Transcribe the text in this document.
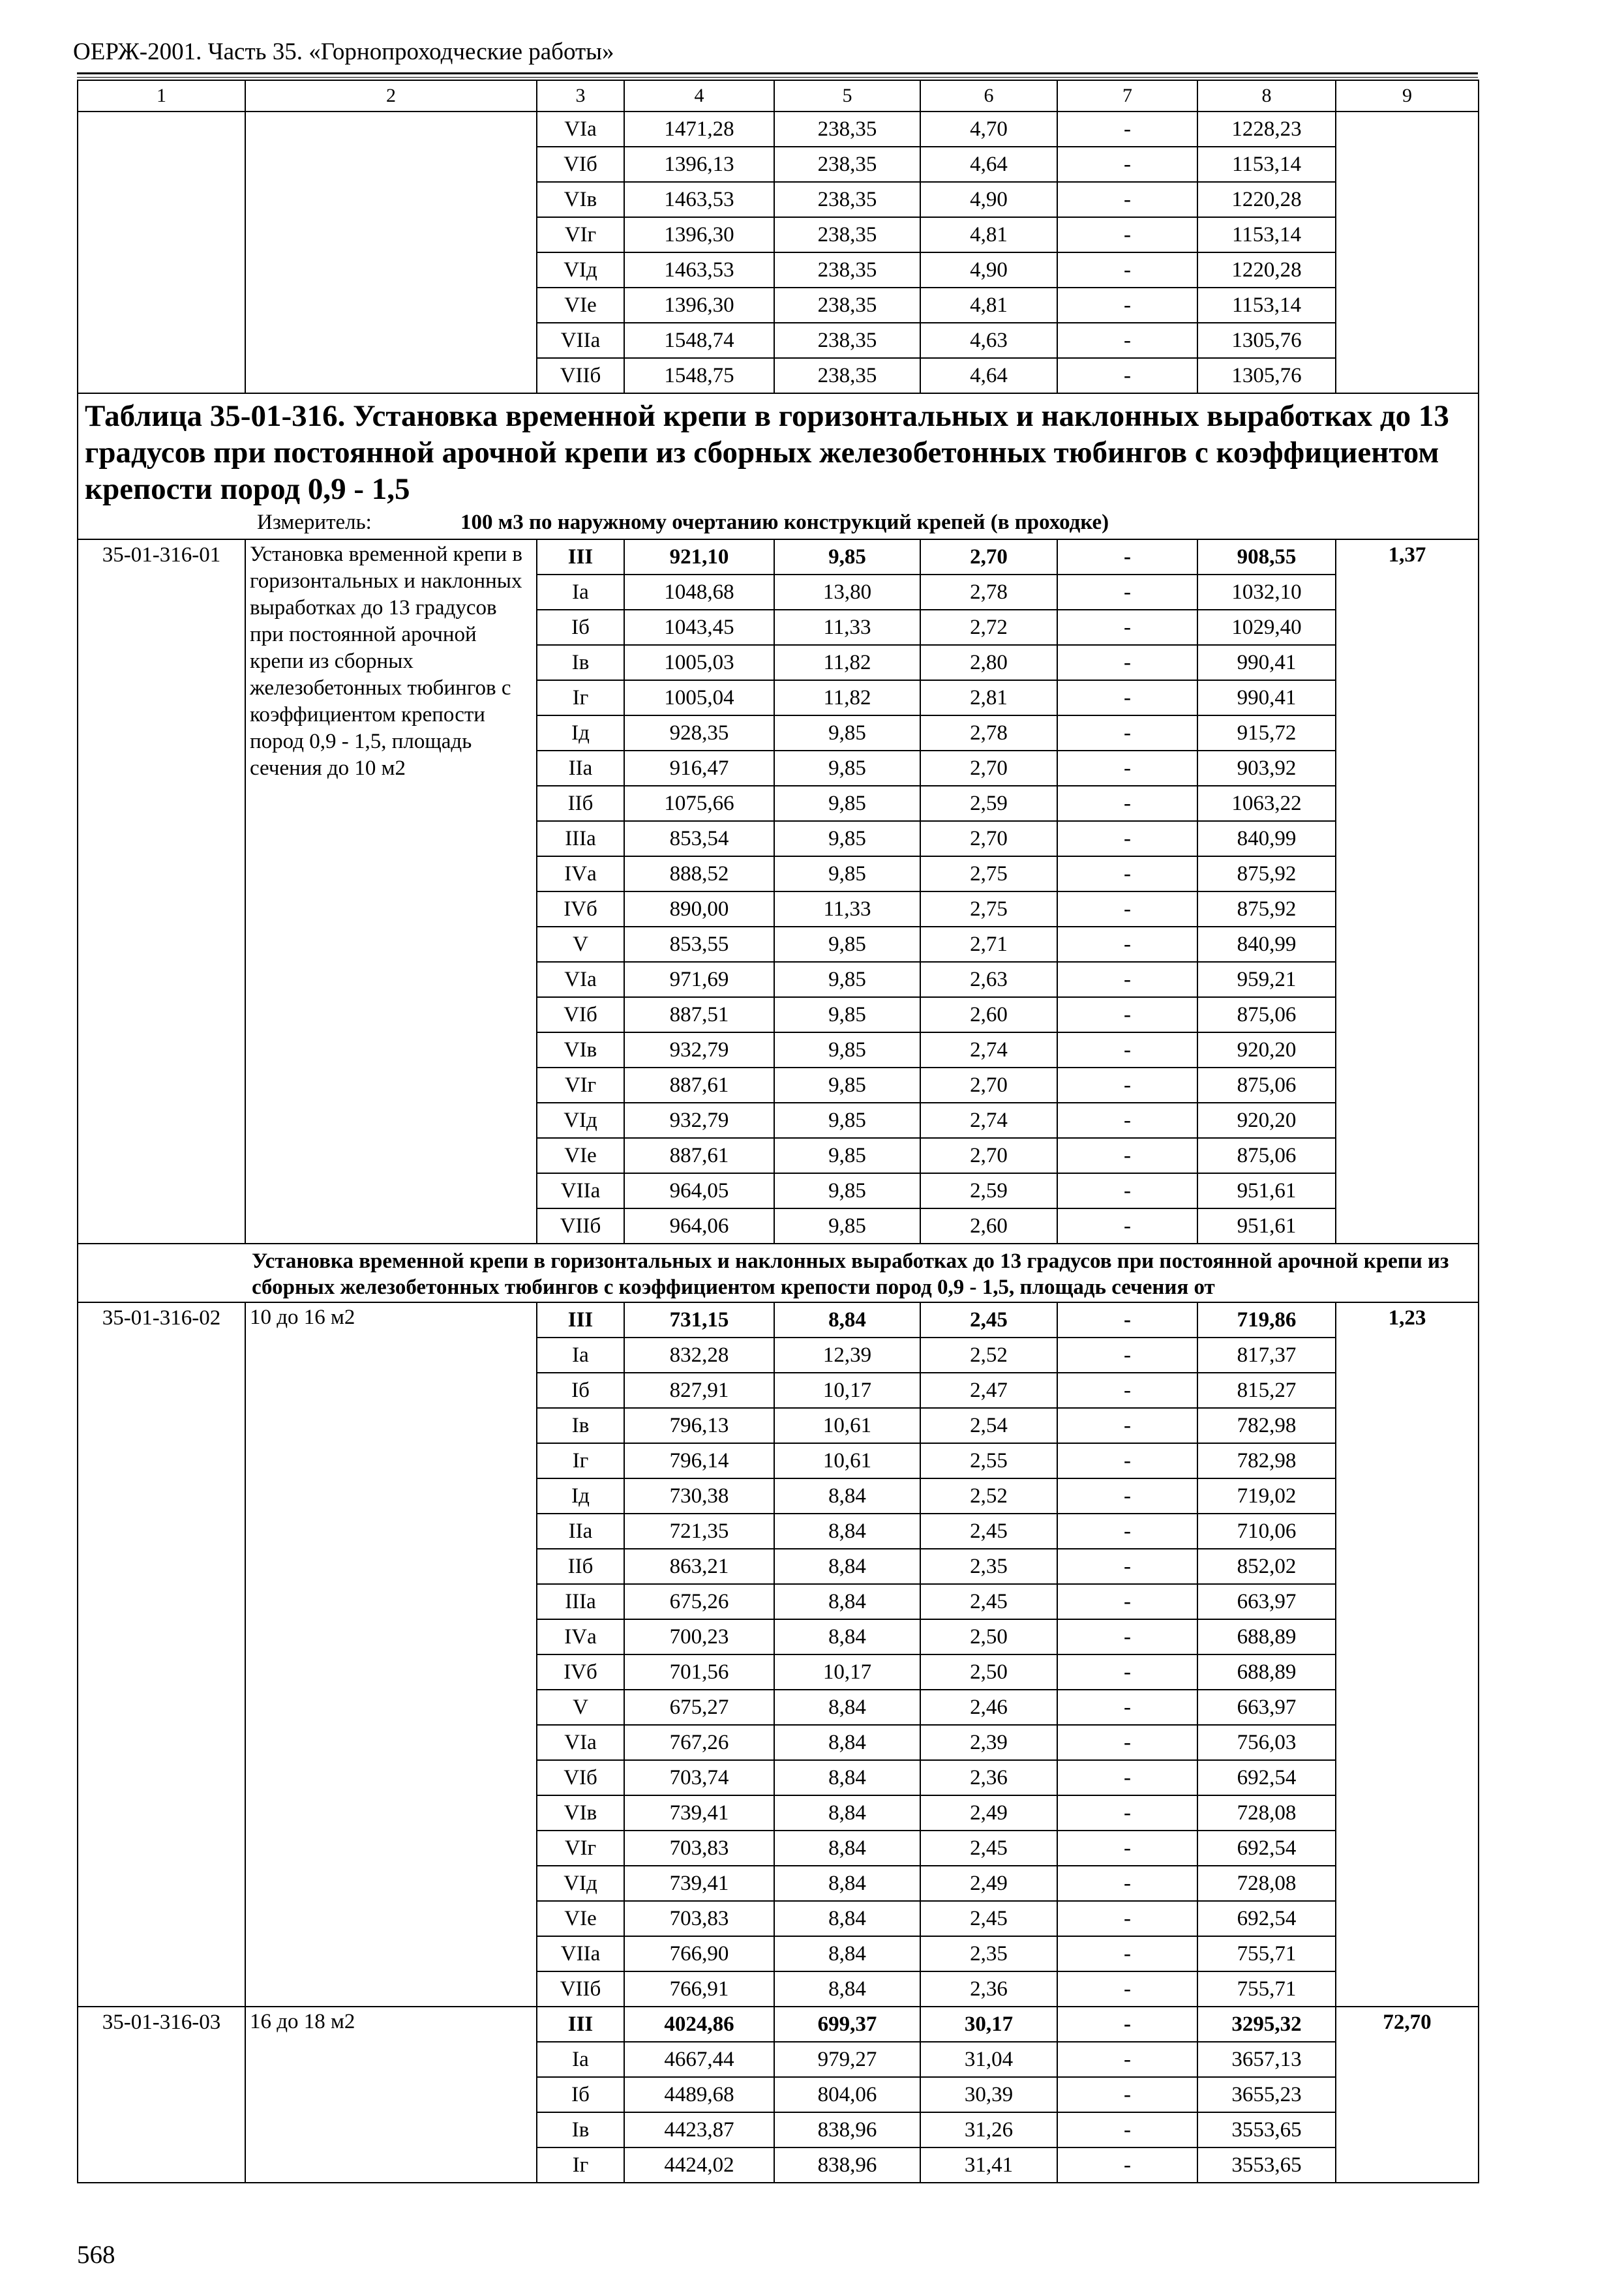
ОЕРЖ-2001. Часть 35. «Горнопроходческие работы»
1	2	3	4	5	6	7	8	9
		VIа	1471,28	238,35	4,70	-	1228,23	
		VIб	1396,13	238,35	4,64	-	1153,14	
		VIв	1463,53	238,35	4,90	-	1220,28	
		VIг	1396,30	238,35	4,81	-	1153,14	
		VIд	1463,53	238,35	4,90	-	1220,28	
		VIе	1396,30	238,35	4,81	-	1153,14	
		VIIа	1548,74	238,35	4,63	-	1305,76	
		VIIб	1548,75	238,35	4,64	-	1305,76	

Таблица 35-01-316. Установка временной крепи в горизонтальных и наклонных выработках до 13 градусов при постоянной арочной крепи из сборных железобетонных тюбингов с коэффициентом крепости пород 0,9 - 1,5
Измеритель: 100 м3 по наружному очертанию конструкций крепей (в проходке)								

35-01-316-01	Установка временной крепи в горизонтальных и наклонных выработках до 13 градусов при постоянной арочной крепи из сборных железобетонных тюбингов с коэффициентом крепости пород 0,9 - 1,5, площадь сечения до 10 м2	III	921,10	9,85	2,70	-	908,55	1,37
		Iа	1048,68	13,80	2,78	-	1032,10	
		Iб	1043,45	11,33	2,72	-	1029,40	
		Iв	1005,03	11,82	2,80	-	990,41	
		Iг	1005,04	11,82	2,81	-	990,41	
		Iд	928,35	9,85	2,78	-	915,72	
		IIа	916,47	9,85	2,70	-	903,92	
		IIб	1075,66	9,85	2,59	-	1063,22	
		IIIа	853,54	9,85	2,70	-	840,99	
		IVа	888,52	9,85	2,75	-	875,92	
		IVб	890,00	11,33	2,75	-	875,92	
		V	853,55	9,85	2,71	-	840,99	
		VIа	971,69	9,85	2,63	-	959,21	
		VIб	887,51	9,85	2,60	-	875,06	
		VIв	932,79	9,85	2,74	-	920,20	
		VIг	887,61	9,85	2,70	-	875,06	
		VIд	932,79	9,85	2,74	-	920,20	
		VIе	887,61	9,85	2,70	-	875,06	
		VIIа	964,05	9,85	2,59	-	951,61	
		VIIб	964,06	9,85	2,60	-	951,61	
Установка временной крепи в горизонтальных и наклонных выработках до 13 градусов при постоянной арочной крепи из сборных железобетонных тюбингов с коэффициентом крепости пород 0,9 - 1,5, площадь сечения от								
35-01-316-02	10 до 16 м2	III	731,15	8,84	2,45	-	719,86	1,23
		Iа	832,28	12,39	2,52	-	817,37	
		Iб	827,91	10,17	2,47	-	815,27	
		Iв	796,13	10,61	2,54	-	782,98	
		Iг	796,14	10,61	2,55	-	782,98	
		Iд	730,38	8,84	2,52	-	719,02	
		IIа	721,35	8,84	2,45	-	710,06	
		IIб	863,21	8,84	2,35	-	852,02	
		IIIа	675,26	8,84	2,45	-	663,97	
		IVа	700,23	8,84	2,50	-	688,89	
		IVб	701,56	10,17	2,50	-	688,89	
		V	675,27	8,84	2,46	-	663,97	
		VIа	767,26	8,84	2,39	-	756,03	
		VIб	703,74	8,84	2,36	-	692,54	
		VIв	739,41	8,84	2,49	-	728,08	
		VIг	703,83	8,84	2,45	-	692,54	
		VIд	739,41	8,84	2,49	-	728,08	
		VIе	703,83	8,84	2,45	-	692,54	
		VIIа	766,90	8,84	2,35	-	755,71	
		VIIб	766,91	8,84	2,36	-	755,71	
35-01-316-03	16 до 18 м2	III	4024,86	699,37	30,17	-	3295,32	72,70
		Iа	4667,44	979,27	31,04	-	3657,13	
		Iб	4489,68	804,06	30,39	-	3655,23	
		Iв	4423,87	838,96	31,26	-	3553,65	
		Iг	4424,02	838,96	31,41	-	3553,65	
568
